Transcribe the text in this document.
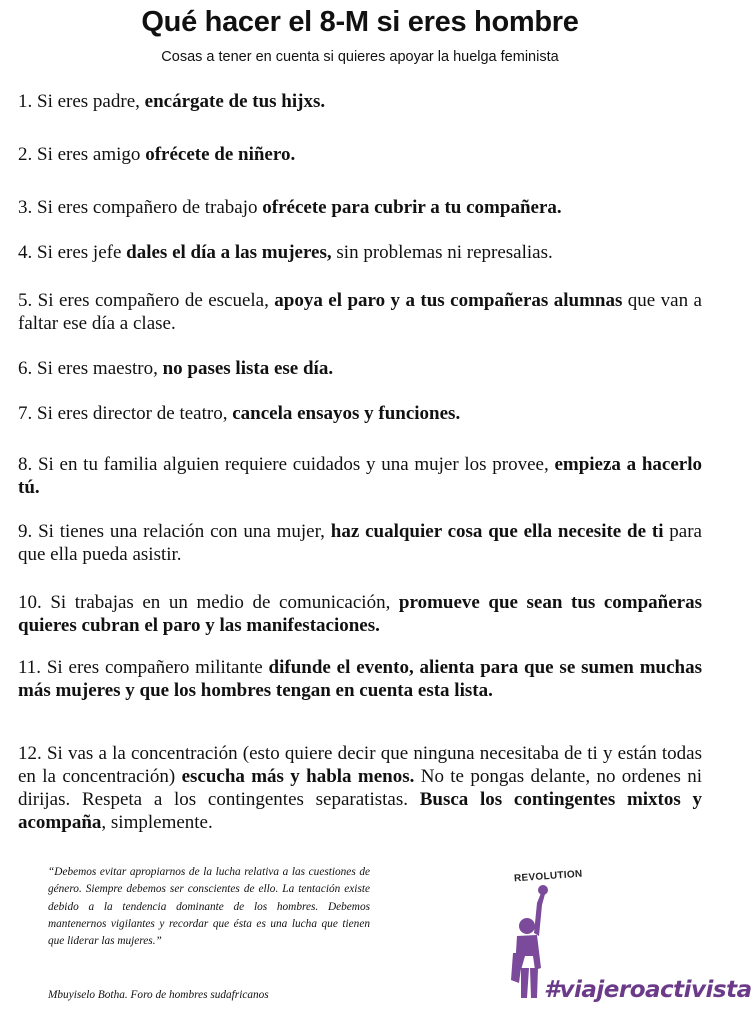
Qué hacer el 8-M si eres hombre
Cosas a tener en cuenta si quieres apoyar la huelga feminista
1. Si eres padre, encárgate de tus hijxs.
2. Si eres amigo ofrécete de niñero.
3. Si eres compañero de trabajo ofrécete para cubrir a tu compañera.
4. Si eres jefe dales el día a las mujeres, sin problemas ni represalias.
5. Si eres compañero de escuela, apoya el paro y a tus compañeras alumnas que van a faltar ese día a clase.
6. Si eres maestro, no pases lista ese día.
7. Si eres director de teatro, cancela ensayos y funciones.
8. Si en tu familia alguien requiere cuidados y una mujer los provee, empieza a hacerlo tú.
9. Si tienes una relación con una mujer, haz cualquier cosa que ella necesite de ti para que ella pueda asistir.
10. Si trabajas en un medio de comunicación, promueve que sean tus compañeras quieres cubran el paro y las manifestaciones.
11. Si eres compañero militante difunde el evento, alienta para que se sumen muchas más mujeres y que los hombres tengan en cuenta esta lista.
12. Si vas a la concentración (esto quiere decir que ninguna necesitaba de ti y están todas en la concentración) escucha más y habla menos. No te pongas delante, no ordenes ni dirijas. Respeta a los contingentes separatistas. Busca los contingentes mixtos y acompaña, simplemente.
“Debemos evitar apropiarnos de la lucha relativa a las cuestiones de género. Siempre debemos ser conscientes de ello. La tentación existe debido a la tendencia dominante de los hombres. Debemos mantenernos vigilantes y recordar que ésta es una lucha que tienen que liderar las mujeres.”
Mbuyiselo Botha. Foro de hombres sudafricanos
REVOLUTION
#viajeroactivista
